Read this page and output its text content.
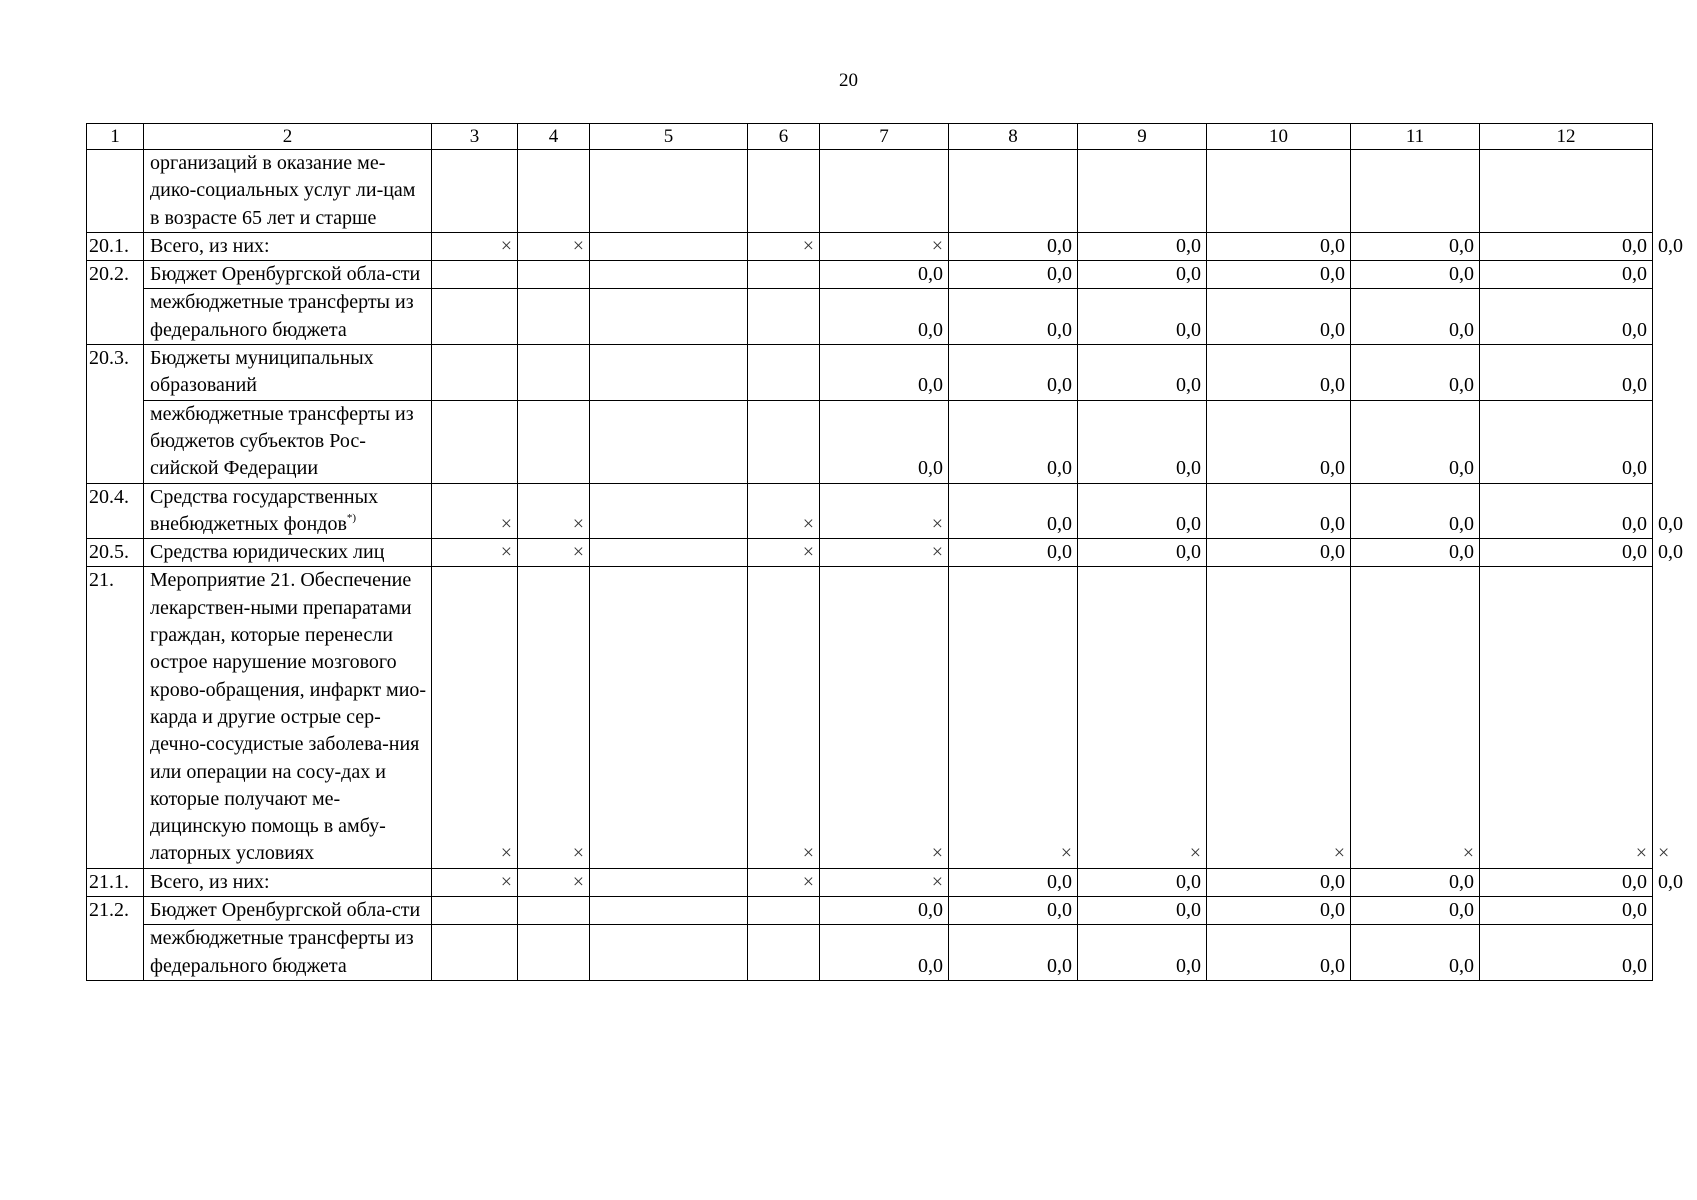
20
1	2	3	4	5	6	7	8	9	10	11	12	
	организаций в оказание ме-дико-социальных услуг ли-цам в возрасте 65 лет и старше											
20.1.	Всего, из них:	×	×		×	×	0,0	0,0	0,0	0,0	0,0	0,0
20.2.	Бюджет Оренбургской обла-сти					0,0	0,0	0,0	0,0	0,0	0,0	
	межбюджетные трансферты из федерального бюджета					0,0	0,0	0,0	0,0	0,0	0,0	
20.3.	Бюджеты муниципальных образований					0,0	0,0	0,0	0,0	0,0	0,0	
	межбюджетные трансферты из бюджетов субъектов Рос-сийской Федерации					0,0	0,0	0,0	0,0	0,0	0,0	
20.4.	Средства государственных внебюджетных фондов*)	×	×		×	×	0,0	0,0	0,0	0,0	0,0	0,0
20.5.	Средства юридических лиц	×	×		×	×	0,0	0,0	0,0	0,0	0,0	0,0
21.	Мероприятие 21. Обеспечение лекарствен-ными препаратами граждан, которые перенесли острое нарушение мозгового крово-обращения, инфаркт мио-карда и другие острые сер-дечно-сосудистые заболева-ния или операции на сосу-дах и которые получают ме-дицинскую помощь в амбу-латорных условиях	×	×		×	×	×	×	×	×	×	×
21.1.	Всего, из них:	×	×		×	×	0,0	0,0	0,0	0,0	0,0	0,0
21.2.	Бюджет Оренбургской обла-сти					0,0	0,0	0,0	0,0	0,0	0,0	
	межбюджетные трансферты из федерального бюджета					0,0	0,0	0,0	0,0	0,0	0,0	
